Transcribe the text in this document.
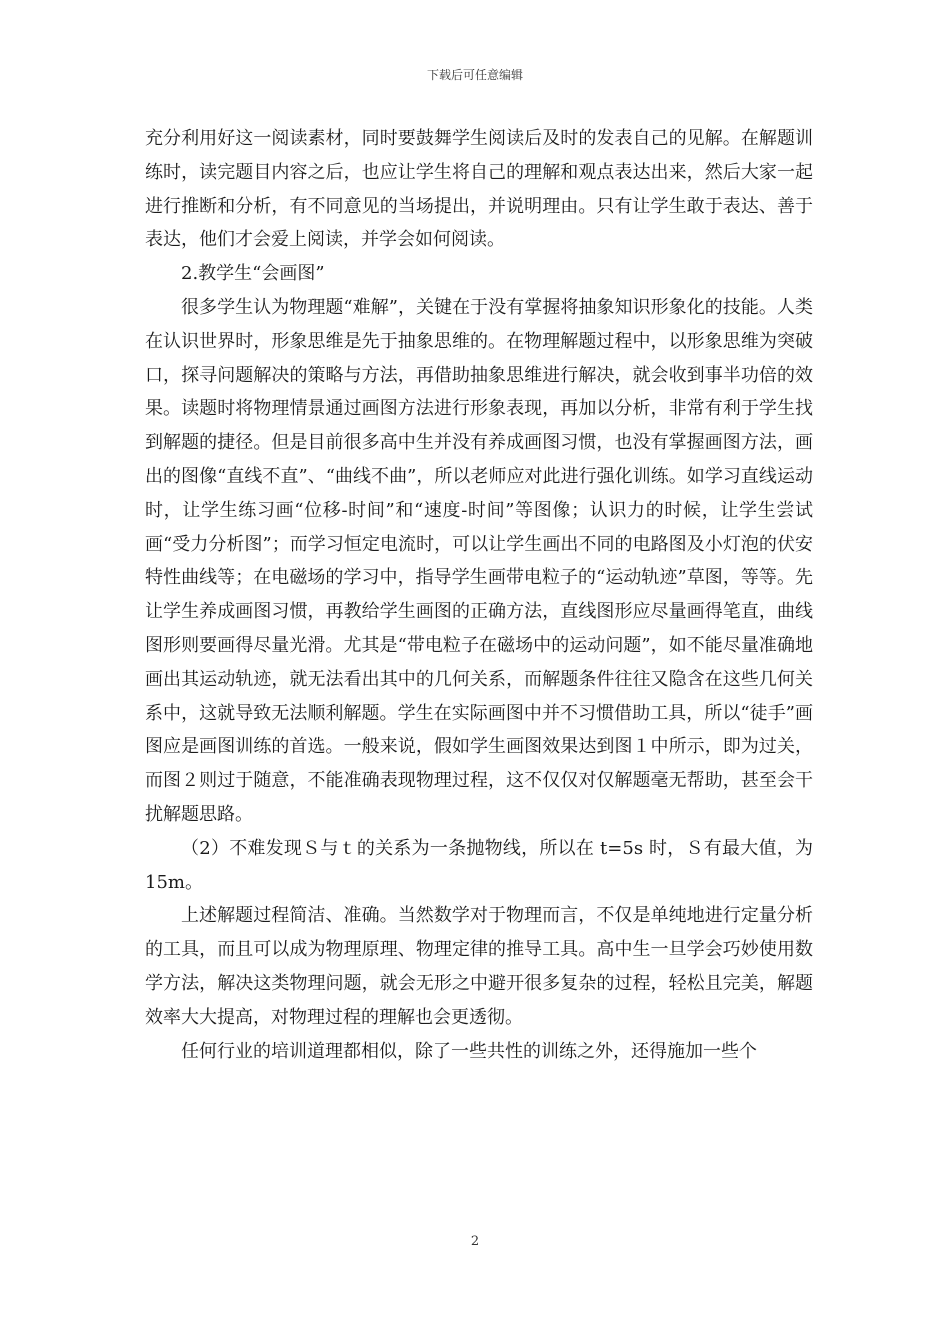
下载后可任意编辑

充分利用好这一阅读素材，同时要鼓舞学生阅读后及时的发表自己的见解。在解题训练时，读完题目内容之后，也应让学生将自己的理解和观点表达出来，然后大家一起进行推断和分析，有不同意见的当场提出，并说明理由。只有让学生敢于表达、善于表达，他们才会爱上阅读，并学会如何阅读。

2.教学生“会画图”

很多学生认为物理题“难解”，关键在于没有掌握将抽象知识形象化的技能。人类在认识世界时，形象思维是先于抽象思维的。在物理解题过程中，以形象思维为突破口，探寻问题解决的策略与方法，再借助抽象思维进行解决，就会收到事半功倍的效果。读题时将物理情景通过画图方法进行形象表现，再加以分析，非常有利于学生找到解题的捷径。但是目前很多高中生并没有养成画图习惯，也没有掌握画图方法，画出的图像“直线不直”、“曲线不曲”，所以老师应对此进行强化训练。如学习直线运动时，让学生练习画“位移-时间”和“速度-时间”等图像；认识力的时候，让学生尝试画“受力分析图”；而学习恒定电流时，可以让学生画出不同的电路图及小灯泡的伏安特性曲线等；在电磁场的学习中，指导学生画带电粒子的“运动轨迹”草图，等等。先让学生养成画图习惯，再教给学生画图的正确方法，直线图形应尽量画得笔直，曲线图形则要画得尽量光滑。尤其是“带电粒子在磁场中的运动问题”，如不能尽量准确地画出其运动轨迹，就无法看出其中的几何关系，而解题条件往往又隐含在这些几何关系中，这就导致无法顺利解题。学生在实际画图中并不习惯借助工具，所以“徒手”画图应是画图训练的首选。一般来说，假如学生画图效果达到图１中所示，即为过关，而图２则过于随意，不能准确表现物理过程，这不仅仅对仅解题毫无帮助，甚至会干扰解题思路。

（2）不难发现Ｓ与ｔ的关系为一条抛物线，所以在 t=5s 时，Ｓ有最大值，为 15m。

上述解题过程简洁、准确。当然数学对于物理而言，不仅是单纯地进行定量分析的工具，而且可以成为物理原理、物理定律的推导工具。高中生一旦学会巧妙使用数学方法，解决这类物理问题，就会无形之中避开很多复杂的过程，轻松且完美，解题效率大大提高，对物理过程的理解也会更透彻。

任何行业的培训道理都相似，除了一些共性的训练之外，还得施加一些个

2
